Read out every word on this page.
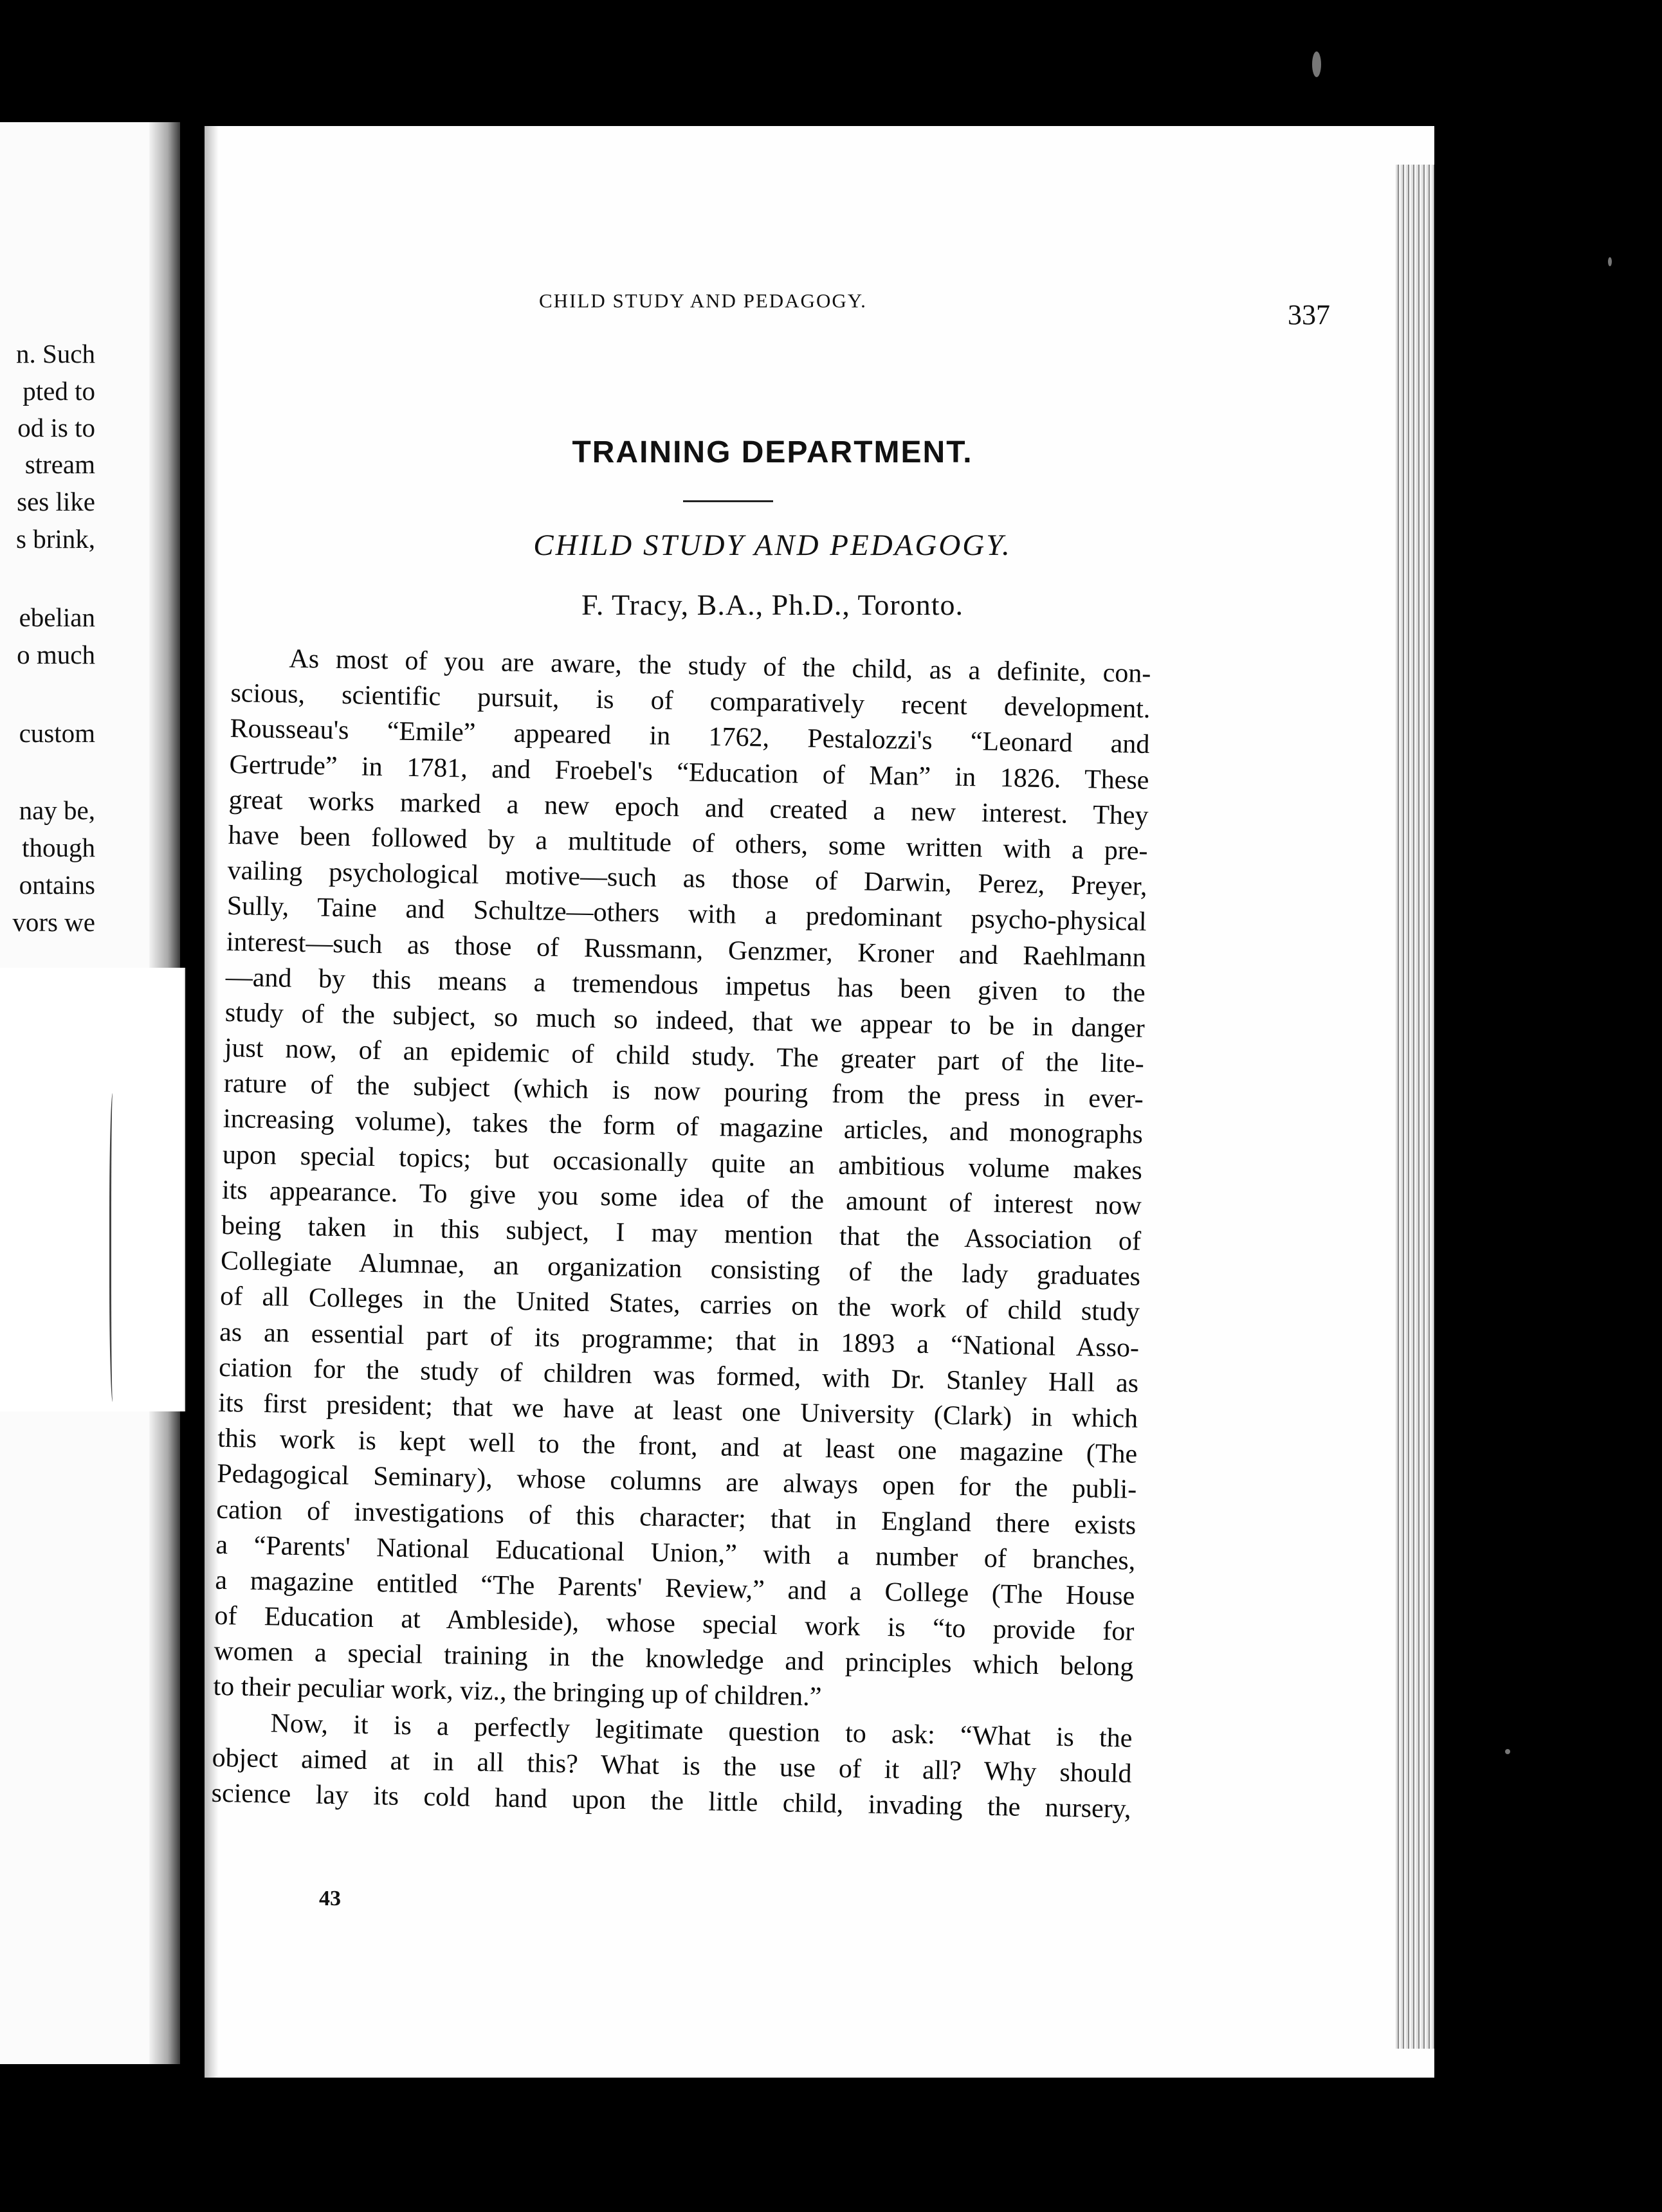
n. Such
pted to
od is to
stream
ses like
s brink,
ebelian
o much
custom
nay be,
though
ontains
vors we
CHILD STUDY AND PEDAGOGY.	337
TRAINING DEPARTMENT.
CHILD STUDY AND PEDAGOGY.
F. Tracy, B.A., Ph.D., Toronto.
As most of you are aware, the study of the child, as a definite, con-
scious, scientific pursuit, is of comparatively recent development.
Rousseau's “Emile” appeared in 1762, Pestalozzi's “Leonard and
Gertrude” in 1781, and Froebel's “Education of Man” in 1826. These
great works marked a new epoch and created a new interest. They
have been followed by a multitude of others, some written with a pre-
vailing psychological motive—such as those of Darwin, Perez, Preyer,
Sully, Taine and Schultze—others with a predominant psycho-physical
interest—such as those of Russmann, Genzmer, Kroner and Raehlmann
—and by this means a tremendous impetus has been given to the
study of the subject, so much so indeed, that we appear to be in danger
just now, of an epidemic of child study. The greater part of the lite-
rature of the subject (which is now pouring from the press in ever-
increasing volume), takes the form of magazine articles, and monographs
upon special topics; but occasionally quite an ambitious volume makes
its appearance. To give you some idea of the amount of interest now
being taken in this subject, I may mention that the Association of
Collegiate Alumnae, an organization consisting of the lady graduates
of all Colleges in the United States, carries on the work of child study
as an essential part of its programme; that in 1893 a “National Asso-
ciation for the study of children was formed, with Dr. Stanley Hall as
its first president; that we have at least one University (Clark) in which
this work is kept well to the front, and at least one magazine (The
Pedagogical Seminary), whose columns are always open for the publi-
cation of investigations of this character; that in England there exists
a “Parents' National Educational Union,” with a number of branches,
a magazine entitled “The Parents' Review,” and a College (The House
of Education at Ambleside), whose special work is “to provide for
women a special training in the knowledge and principles which belong
to their peculiar work, viz., the bringing up of children.”
Now, it is a perfectly legitimate question to ask: “What is the
object aimed at in all this? What is the use of it all? Why should
science lay its cold hand upon the little child, invading the nursery,
43
